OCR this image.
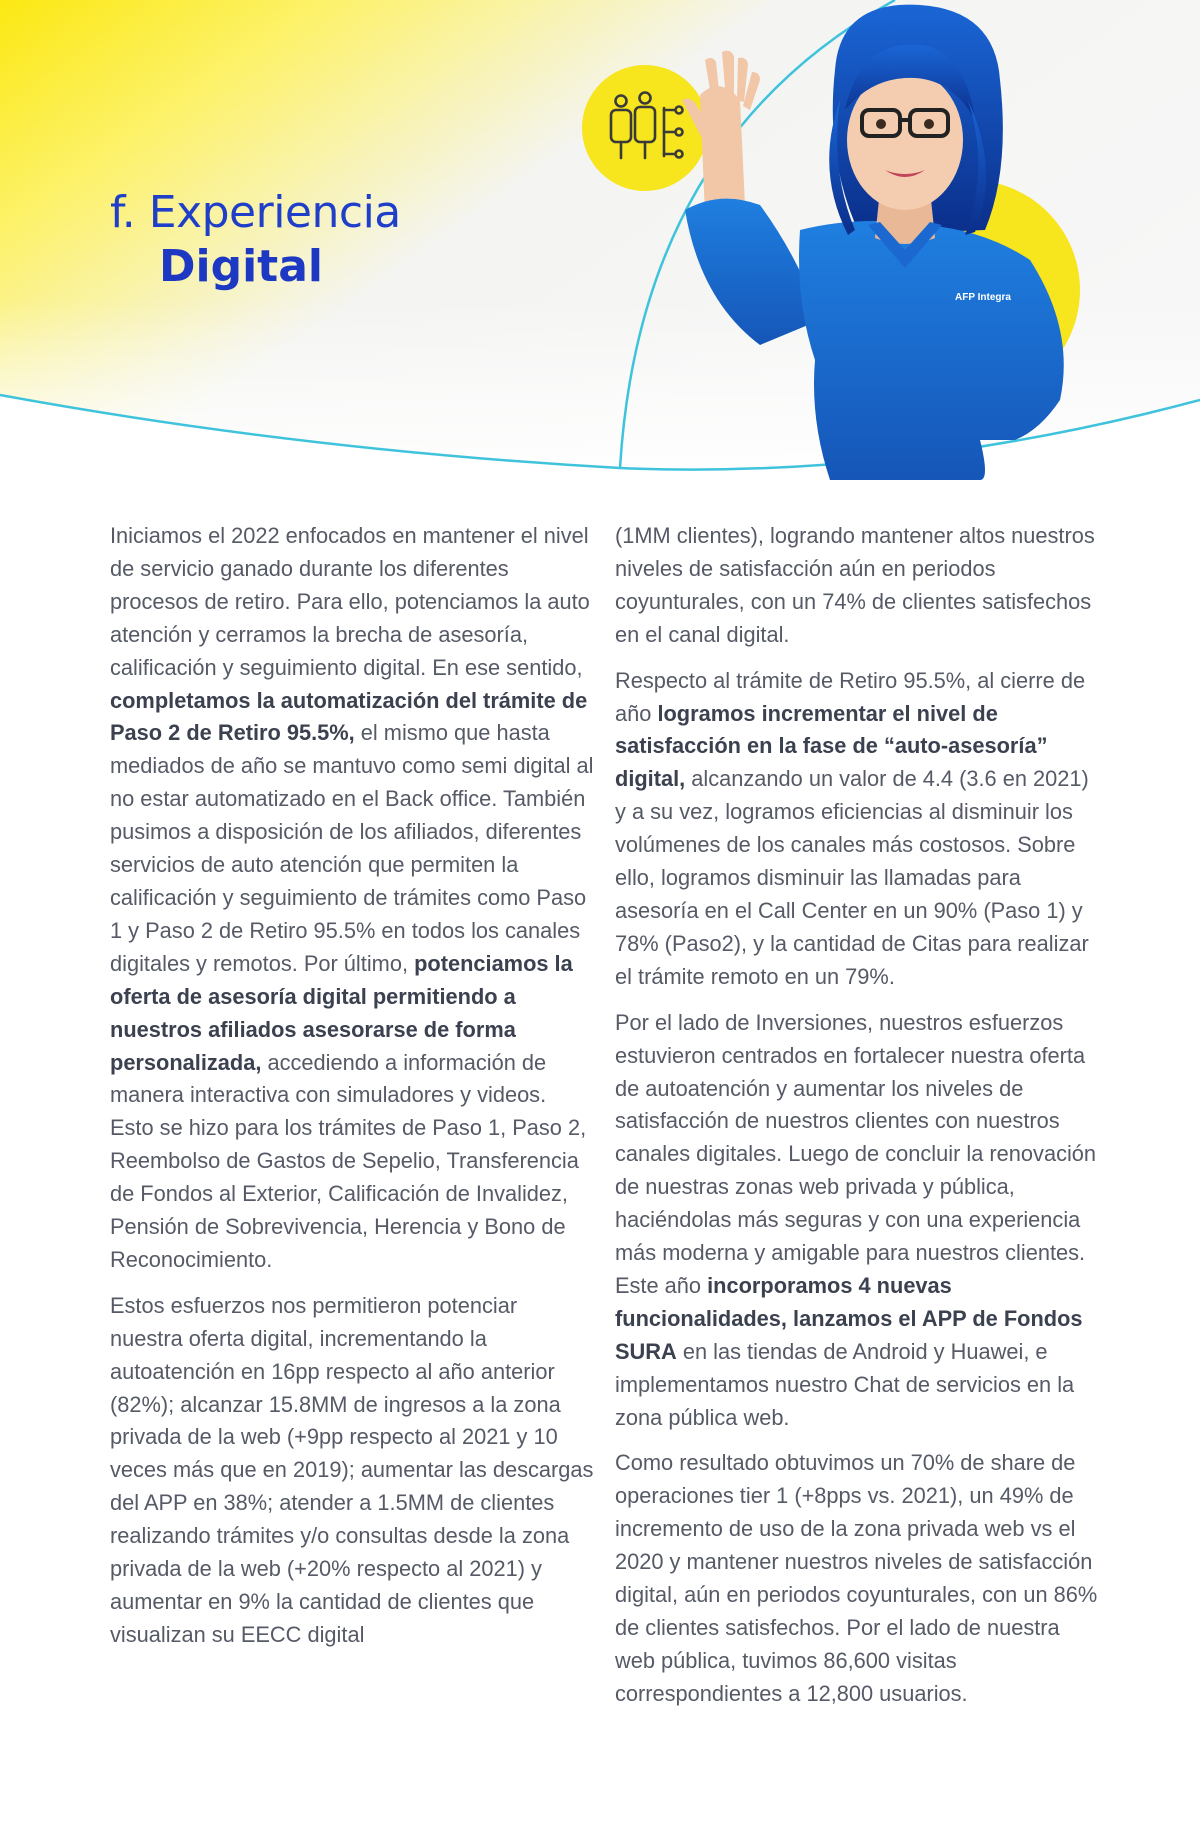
AFP Integra
f. Experiencia
Digital

Iniciamos el 2022 enfocados en mantener el nivel de servicio ganado durante los diferentes procesos de retiro. Para ello, potenciamos la auto atención y cerramos la brecha de asesoría, calificación y seguimiento digital. En ese sentido, completamos la automatización del trámite de Paso 2 de Retiro 95.5%, el mismo que hasta mediados de año se mantuvo como semi digital al no estar automatizado en el Back office. También pusimos a disposición de los afiliados, diferentes servicios de auto atención que permiten la calificación y seguimiento de trámites como Paso 1 y Paso 2 de Retiro 95.5% en todos los canales digitales y remotos. Por último, potenciamos la oferta de asesoría digital permitiendo a nuestros afiliados asesorarse de forma personalizada, accediendo a información de manera interactiva con simuladores y videos. Esto se hizo para los trámites de Paso 1, Paso 2, Reembolso de Gastos de Sepelio, Transferencia de Fondos al Exterior, Calificación de Invalidez, Pensión de Sobrevivencia, Herencia y Bono de Reconocimiento.

Estos esfuerzos nos permitieron potenciar nuestra oferta digital, incrementando la autoatención en 16pp respecto al año anterior (82%); alcanzar 15.8MM de ingresos a la zona privada de la web (+9pp respecto al 2021 y 10 veces más que en 2019); aumentar las descargas del APP en 38%; atender a 1.5MM de clientes realizando trámites y/o consultas desde la zona privada de la web (+20% respecto al 2021) y aumentar en 9% la cantidad de clientes que visualizan su EECC digital

(1MM clientes), logrando mantener altos nuestros niveles de satisfacción aún en periodos coyunturales, con un 74% de clientes satisfechos en el canal digital.

Respecto al trámite de Retiro 95.5%, al cierre de año logramos incrementar el nivel de satisfacción en la fase de “auto-asesoría” digital, alcanzando un valor de 4.4 (3.6 en 2021) y a su vez, logramos eficiencias al disminuir los volúmenes de los canales más costosos. Sobre ello, logramos disminuir las llamadas para asesoría en el Call Center en un 90% (Paso 1) y 78% (Paso2), y la cantidad de Citas para realizar el trámite remoto en un 79%.

Por el lado de Inversiones, nuestros esfuerzos estuvieron centrados en fortalecer nuestra oferta de autoatención y aumentar los niveles de satisfacción de nuestros clientes con nuestros canales digitales. Luego de concluir la renovación de nuestras zonas web privada y pública, haciéndolas más seguras y con una experiencia más moderna y amigable para nuestros clientes. Este año incorporamos 4 nuevas funcionalidades, lanzamos el APP de Fondos SURA en las tiendas de Android y Huawei, e implementamos nuestro Chat de servicios en la zona pública web.

Como resultado obtuvimos un 70% de share de operaciones tier 1 (+8pps vs. 2021), un 49% de incremento de uso de la zona privada web vs el 2020 y mantener nuestros niveles de satisfacción digital, aún en periodos coyunturales, con un 86% de clientes satisfechos. Por el lado de nuestra web pública, tuvimos 86,600 visitas correspondientes a 12,800 usuarios.
